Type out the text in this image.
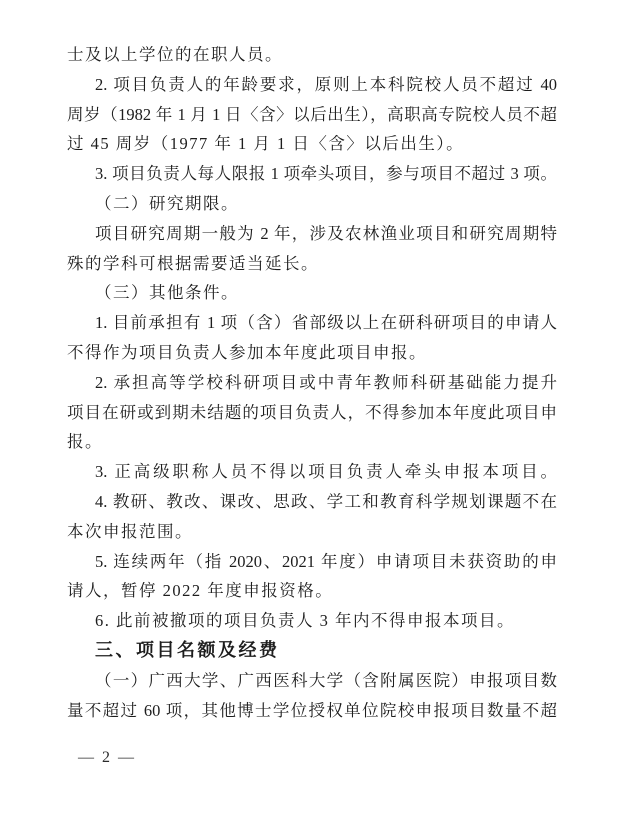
士及以上学位的在职人员。
2. 项目负责人的年龄要求，原则上本科院校人员不超过 40
周岁（1982 年 1 月 1 日〈含〉以后出生），高职高专院校人员不超
过 45 周岁（1977 年 1 月 1 日〈含〉以后出生）。
3. 项目负责人每人限报 1 项牵头项目，参与项目不超过 3 项。
（二）研究期限。
项目研究周期一般为 2 年，涉及农林渔业项目和研究周期特
殊的学科可根据需要适当延长。
（三）其他条件。
1. 目前承担有 1 项（含）省部级以上在研科研项目的申请人
不得作为项目负责人参加本年度此项目申报。
2. 承担高等学校科研项目或中青年教师科研基础能力提升
项目在研或到期未结题的项目负责人，不得参加本年度此项目申
报。
3. 正高级职称人员不得以项目负责人牵头申报本项目。
4. 教研、教改、课改、思政、学工和教育科学规划课题不在
本次申报范围。
5. 连续两年（指 2020、2021 年度）申请项目未获资助的申
请人，暂停 2022 年度申报资格。
6. 此前被撤项的项目负责人 3 年内不得申报本项目。
三、项目名额及经费
（一）广西大学、广西医科大学（含附属医院）申报项目数
量不超过 60 项，其他博士学位授权单位院校申报项目数量不超
— 2 —
